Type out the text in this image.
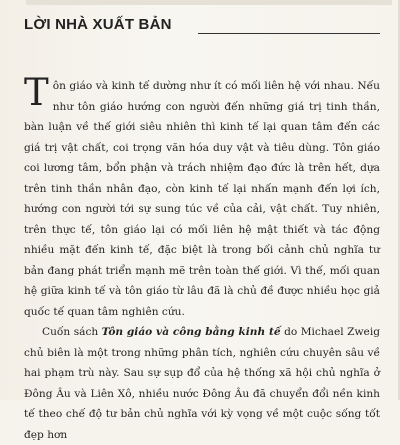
LỜI NHÀ XUẤT BẢN

Tôn giáo và kinh tế dường như ít có mối liên hệ với nhau. Nếu như tôn giáo hướng con người đến những giá trị tinh thần, bàn luận về thế giới siêu nhiên thì kinh tế lại quan tâm đến các giá trị vật chất, coi trọng văn hóa duy vật và tiêu dùng. Tôn giáo coi lương tâm, bổn phận và trách nhiệm đạo đức là trên hết, dựa trên tinh thần nhân đạo, còn kinh tế lại nhấn mạnh đến lợi ích, hướng con người tới sự sung túc về của cải, vật chất. Tuy nhiên, trên thực tế, tôn giáo lại có mối liên hệ mật thiết và tác động nhiều mặt đến kinh tế, đặc biệt là trong bối cảnh chủ nghĩa tư bản đang phát triển mạnh mẽ trên toàn thế giới. Vì thế, mối quan hệ giữa kinh tế và tôn giáo từ lâu đã là chủ đề được nhiều học giả quốc tế quan tâm nghiên cứu.

Cuốn sách Tôn giáo và công bằng kinh tế do Michael Zweig chủ biên là một trong những phân tích, nghiên cứu chuyên sâu về hai phạm trù này. Sau sự sụp đổ của hệ thống xã hội chủ nghĩa ở Đông Âu và Liên Xô, nhiều nước Đông Âu đã chuyển đổi nền kinh tế theo chế độ tư bản chủ nghĩa với kỳ vọng về một cuộc sống tốt đẹp hơn
